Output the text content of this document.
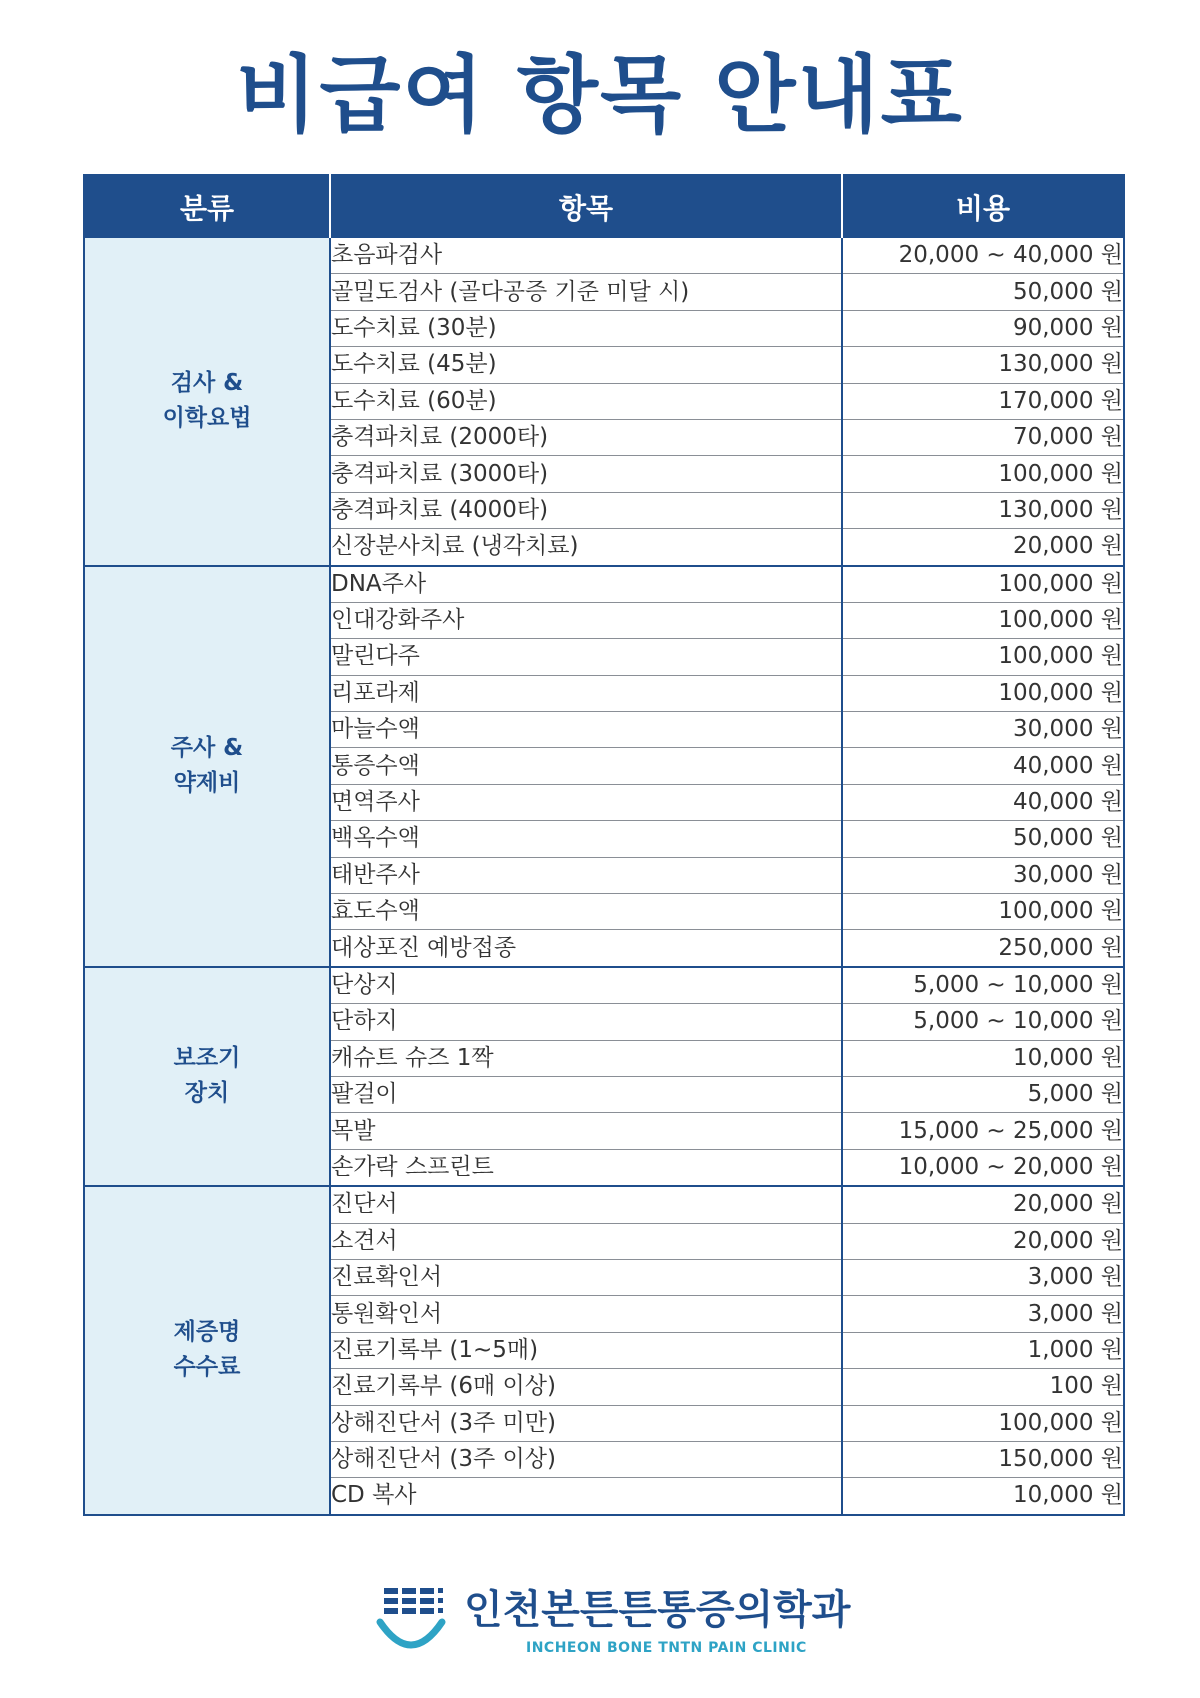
비급여 항목 안내표
분류	항목	비용

검사 &
이학요법	초음파검사	20,000 ~ 40,000 원
	골밀도검사 (골다공증 기준 미달 시)	50,000 원
	도수치료 (30분)	90,000 원
	도수치료 (45분)	130,000 원
	도수치료 (60분)	170,000 원
	충격파치료 (2000타)	70,000 원
	충격파치료 (3000타)	100,000 원
	충격파치료 (4000타)	130,000 원
	신장분사치료 (냉각치료)	20,000 원

주사 &
약제비	DNA주사	100,000 원
	인대강화주사	100,000 원
	말린다주	100,000 원
	리포라제	100,000 원
	마늘수액	30,000 원
	통증수액	40,000 원
	면역주사	40,000 원
	백옥수액	50,000 원
	태반주사	30,000 원
	효도수액	100,000 원
	대상포진 예방접종	250,000 원

보조기
장치	단상지	5,000 ~ 10,000 원
	단하지	5,000 ~ 10,000 원
	캐슈트 슈즈 1짝	10,000 원
	팔걸이	5,000 원
	목발	15,000 ~ 25,000 원
	손가락 스프린트	10,000 ~ 20,000 원

제증명
수수료	진단서	20,000 원
	소견서	20,000 원
	진료확인서	3,000 원
	통원확인서	3,000 원
	진료기록부 (1~5매)	1,000 원
	진료기록부 (6매 이상)	100 원
	상해진단서 (3주 미만)	100,000 원
	상해진단서 (3주 이상)	150,000 원
	CD 복사	10,000 원
인천본튼튼통증의학과
INCHEON BONE TNTN PAIN CLINIC
